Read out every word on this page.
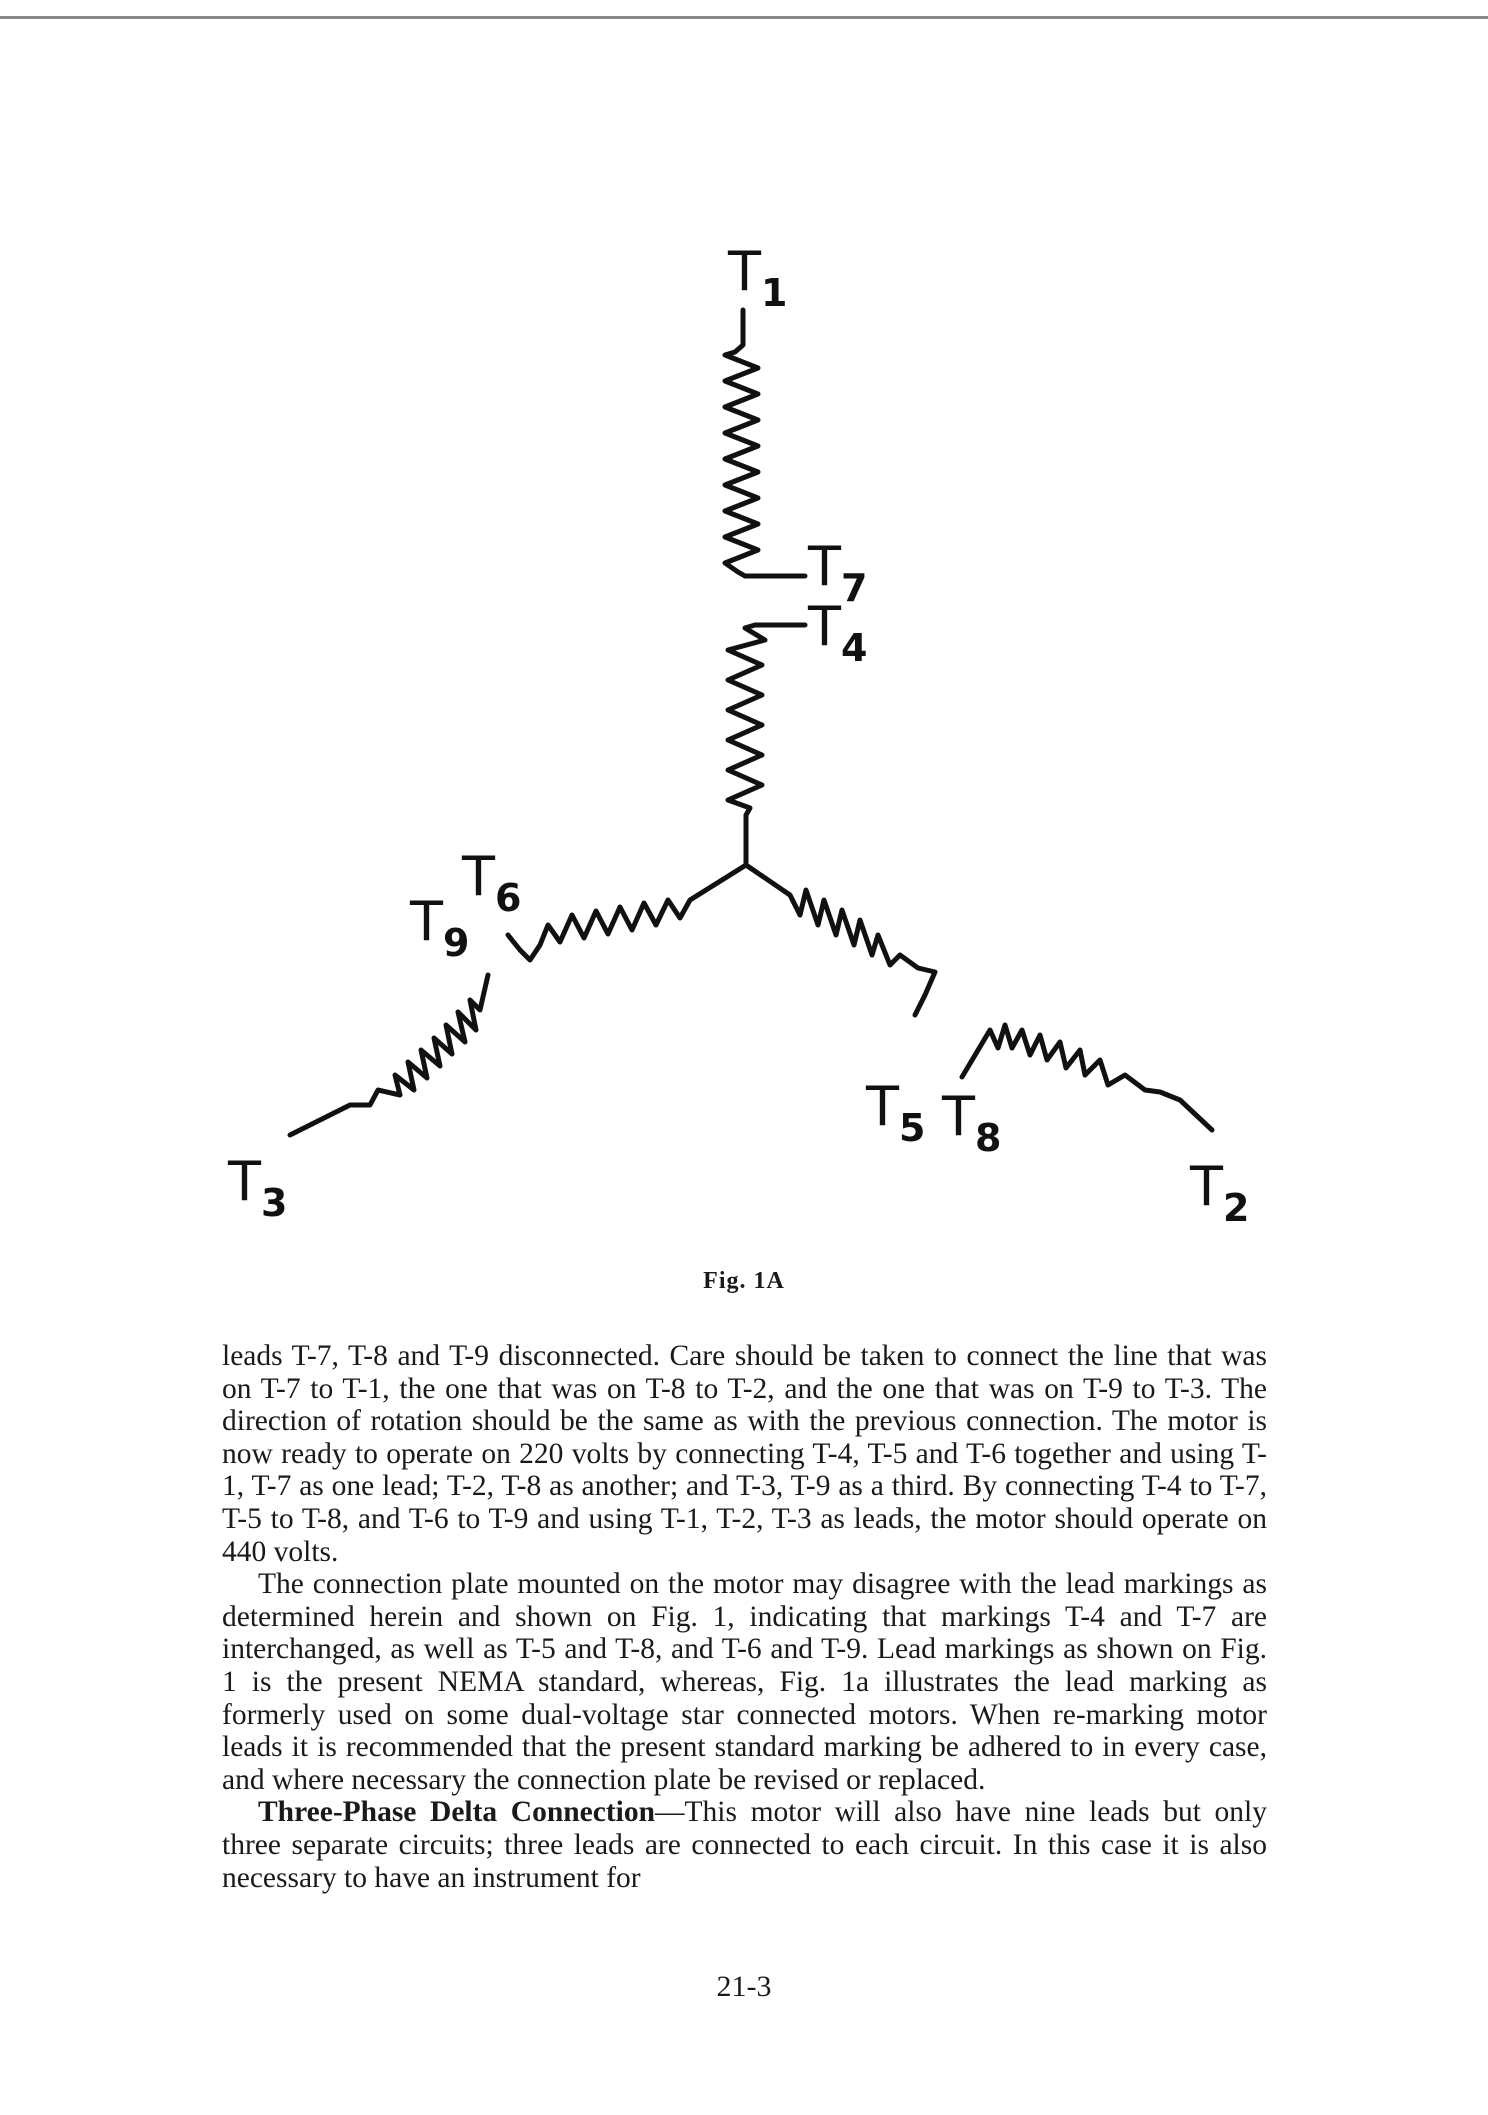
$T_1$
$T_7$
$T_4$
$T_6$
$T_9$
$T_3$
$T_5$ $T_8$
$T_2$
Fig. 1A

leads T-7, T-8 and T-9 disconnected. Care should be taken to connect the line that was on T-7 to T-1, the one that was on T-8 to T-2, and the one that was on T-9 to T-3. The direction of rotation should be the same as with the previous connection. The motor is now ready to operate on 220 volts by connecting T-4, T-5 and T-6 together and using T-1, T-7 as one lead; T-2, T-8 as another; and T-3, T-9 as a third. By connecting T-4 to T-7, T-5 to T-8, and T-6 to T-9 and using T-1, T-2, T-3 as leads, the motor should operate on 440 volts.

The connection plate mounted on the motor may disagree with the lead markings as determined herein and shown on Fig. 1, indicating that markings T-4 and T-7 are interchanged, as well as T-5 and T-8, and T-6 and T-9. Lead markings as shown on Fig. 1 is the present NEMA standard, whereas, Fig. 1a illustrates the lead marking as formerly used on some dual-voltage star connected motors. When re-marking motor leads it is recommended that the present standard marking be adhered to in every case, and where necessary the connection plate be revised or replaced.

Three-Phase Delta Connection—This motor will also have nine leads but only three separate circuits; three leads are connected to each circuit. In this case it is also necessary to have an instrument for

21-3
